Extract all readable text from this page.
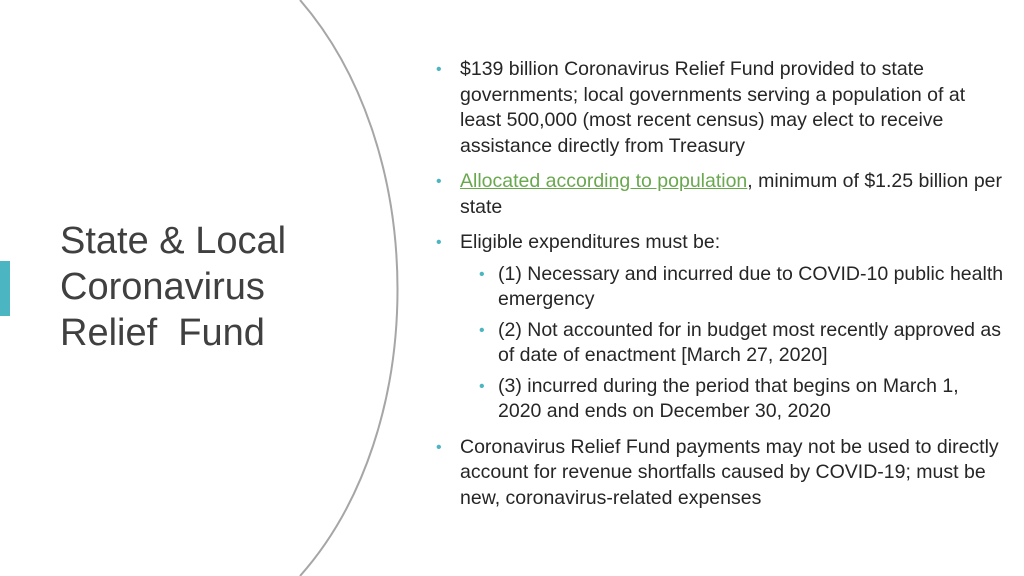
State & Local
Coronavirus
Relief  Fund
• $139 billion Coronavirus Relief Fund provided to state governments; local governments serving a population of at least 500,000 (most recent census) may elect to receive assistance directly from Treasury
• Allocated according to population, minimum of $1.25 billion per state
• Eligible expenditures must be:
• (1) Necessary and incurred due to COVID-10 public health emergency
• (2) Not accounted for in budget most recently approved as of date of enactment [March 27, 2020]
• (3) incurred during the period that begins on March 1, 2020 and ends on December 30, 2020
• Coronavirus Relief Fund payments may not be used to directly account for revenue shortfalls caused by COVID-19; must be new, coronavirus-related expenses
